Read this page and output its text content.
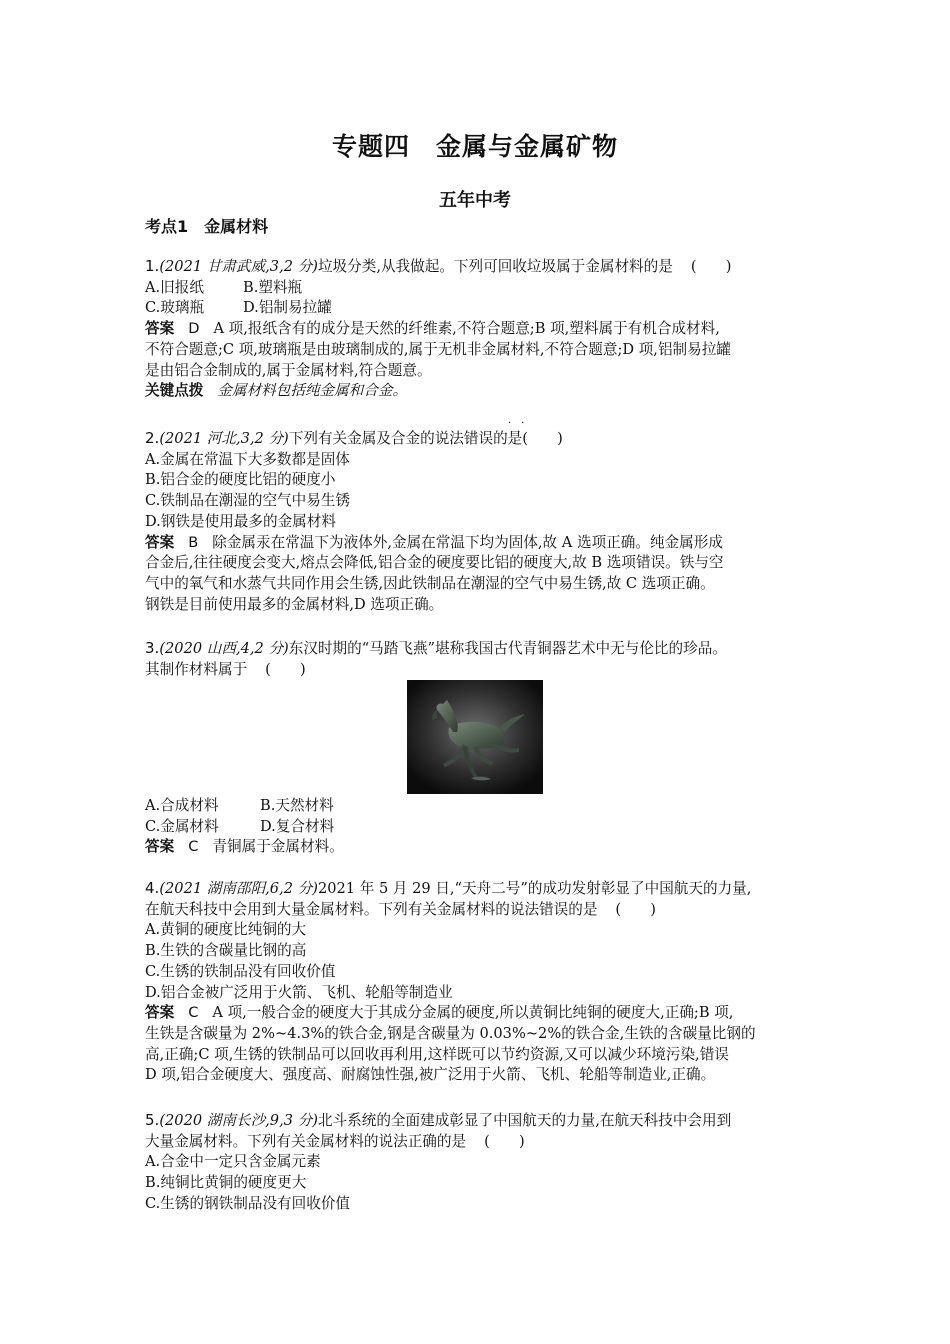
专题四　金属与金属矿物
五年中考
考点1　金属材料
1.(2021 甘肃武威,3,2 分)垃圾分类,从我做起。下列可回收垃圾属于金属材料的是 (　　)
A.旧报纸	B.塑料瓶
C.玻璃瓶	D.铝制易拉罐
答案 D A 项,报纸含有的成分是天然的纤维素,不符合题意;B 项,塑料属于有机合成材料,
不符合题意;C 项,玻璃瓶是由玻璃制成的,属于无机非金属材料,不符合题意;D 项,铝制易拉罐
是由铝合金制成的,属于金属材料,符合题意。
关键点拨 金属材料包括纯金属和合金。
··
2.(2021 河北,3,2 分)下列有关金属及合金的说法错误的是(　　)
A.金属在常温下大多数都是固体
B.铝合金的硬度比铝的硬度小
C.铁制品在潮湿的空气中易生锈
D.钢铁是使用最多的金属材料
答案 B 除金属汞在常温下为液体外,金属在常温下均为固体,故 A 选项正确。纯金属形成
合金后,往往硬度会变大,熔点会降低,铝合金的硬度要比铝的硬度大,故 B 选项错误。铁与空
气中的氧气和水蒸气共同作用会生锈,因此铁制品在潮湿的空气中易生锈,故 C 选项正确。
钢铁是目前使用最多的金属材料,D 选项正确。
3.(2020 山西,4,2 分)东汉时期的“马踏飞燕”堪称我国古代青铜器艺术中无与伦比的珍品。
其制作材料属于 (　　)
A.合成材料	B.天然材料
C.金属材料	D.复合材料
答案 C 青铜属于金属材料。
4.(2021 湖南邵阳,6,2 分)2021 年 5 月 29 日,“天舟二号”的成功发射彰显了中国航天的力量,
在航天科技中会用到大量金属材料。下列有关金属材料的说法错误的是 (　　)
A.黄铜的硬度比纯铜的大
B.生铁的含碳量比钢的高
C.生锈的铁制品没有回收价值
D.铝合金被广泛用于火箭、飞机、轮船等制造业
答案 C A 项,一般合金的硬度大于其成分金属的硬度,所以黄铜比纯铜的硬度大,正确;B 项,
生铁是含碳量为 2%~4.3%的铁合金,钢是含碳量为 0.03%~2%的铁合金,生铁的含碳量比钢的
高,正确;C 项,生锈的铁制品可以回收再利用,这样既可以节约资源,又可以减少环境污染,错误
D 项,铝合金硬度大、强度高、耐腐蚀性强,被广泛用于火箭、飞机、轮船等制造业,正确。
5.(2020 湖南长沙,9,3 分)北斗系统的全面建成彰显了中国航天的力量,在航天科技中会用到
大量金属材料。下列有关金属材料的说法正确的是 (　　)
A.合金中一定只含金属元素
B.纯铜比黄铜的硬度更大
C.生锈的钢铁制品没有回收价值
